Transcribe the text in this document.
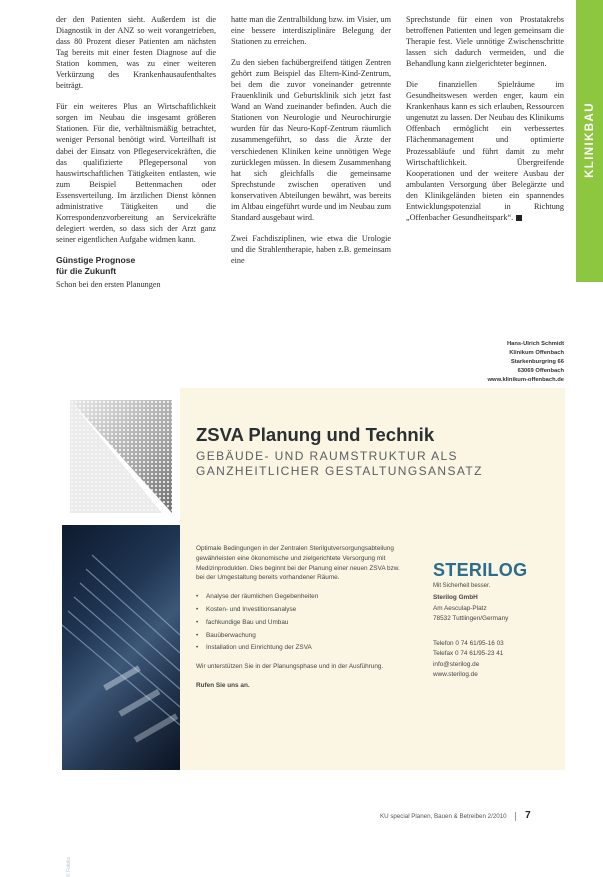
KLINIKBAU

der den Patienten sieht. Außerdem ist die Diagnostik in der ANZ so weit vorangetrieben, dass 80 Prozent dieser Patienten am nächsten Tag bereits mit einer festen Diagnose auf die Station kommen, was zu einer weiteren Verkürzung des Krankenhausaufenthaltes beiträgt.

Für ein weiteres Plus an Wirtschaftlichkeit sorgen im Neubau die insgesamt größeren Stationen. Für die, verhältnismäßig betrachtet, weniger Personal benötigt wird. Vorteilhaft ist dabei der Einsatz von Pflegeservicekräften, die das qualifizierte Pflegepersonal von hauswirtschaftlichen Tätigkeiten entlasten, wie zum Beispiel Bettenmachen oder Essensverteilung. Im ärztlichen Dienst können administrative Tätigkeiten und die Korrespondenzvorbereitung an Servicekräfte delegiert werden, so dass sich der Arzt ganz seiner eigentlichen Aufgabe widmen kann.

Günstige Prognose
für die Zukunft

Schon bei den ersten Planungen

hatte man die Zentralbildung bzw. im Visier, um eine bessere interdisziplinäre Belegung der Stationen zu erreichen.

Zu den sieben fachübergreifend tätigen Zentren gehört zum Beispiel das Eltern-Kind-Zentrum, bei dem die zuvor voneinander getrennte Frauenklinik und Geburtsklinik sich jetzt fast Wand an Wand zueinander befinden. Auch die Stationen von Neurologie und Neurochirurgie wurden für das Neuro-Kopf-Zentrum räumlich zusammengeführt, so dass die Ärzte der verschiedenen Kliniken keine unnötigen Wege zurücklegen müssen. In diesem Zusammenhang hat sich gleichfalls die gemeinsame Sprechstunde zwischen operativen und konservativen Abteilungen bewährt, was bereits im Altbau eingeführt wurde und im Neubau zum Standard ausgebaut wird.

Zwei Fachdisziplinen, wie etwa die Urologie und die Strahlentherapie, haben z.B. gemeinsam eine

Sprechstunde für einen von Prostatakrebs betroffenen Patienten und legen gemeinsam die Therapie fest. Viele unnötige Zwischenschritte lassen sich dadurch vermeiden, und die Behandlung kann zielgerichteter beginnen.

Die finanziellen Spielräume im Gesundheitswesen werden enger, kaum ein Krankenhaus kann es sich erlauben, Ressourcen ungenutzt zu lassen. Der Neubau des Klinikums Offenbach ermöglicht ein verbessertes Flächenmanagement und optimierte Prozessabläufe und führt damit zu mehr Wirtschaftlichkeit. Übergreifende Kooperationen und der weitere Ausbau der ambulanten Versorgung über Belegärzte und den Klinikgeländen bieten ein spannendes Entwicklungspotenzial in Richtung „Offenbacher Gesundheitspark“.

Hans-Ulrich Schmidt
Klinikum Offenbach
Starkenburgring 66
63069 Offenbach
www.klinikum-offenbach.de
ZSVA Planung und Technik
GEBÄUDE- UND RAUMSTRUKTUR ALS
GANZHEITLICHER GESTALTUNGSANSATZ
© Fotolia

Optimale Bedingungen in der Zentralen Sterilgutversorgungsabteilung gewährleisten eine ökonomische und zielgerichtete Versorgung mit Medizinprodukten. Dies beginnt bei der Planung einer neuen ZSVA bzw. bei der Umgestaltung bereits vorhandener Räume.

• Analyse der räumlichen Gegebenheiten
• Kosten- und Investitionsanalyse
• fachkundige Bau und Umbau
• Bauüberwachung
• Installation und Einrichtung der ZSVA

Wir unterstützen Sie in der Planungsphase und in der Ausführung.

Rufen Sie uns an.

STERILOG
Mit Sicherheit besser.
Sterilog GmbH
Am Aesculap-Platz
78532 Tuttlingen/Germany
Telefon 0 74 61/95-16 03
Telefax 0 74 61/95-23 41
info@sterilog.de
www.sterilog.de
KU special Planen, Bauen & Betreiben 2/2010 7
